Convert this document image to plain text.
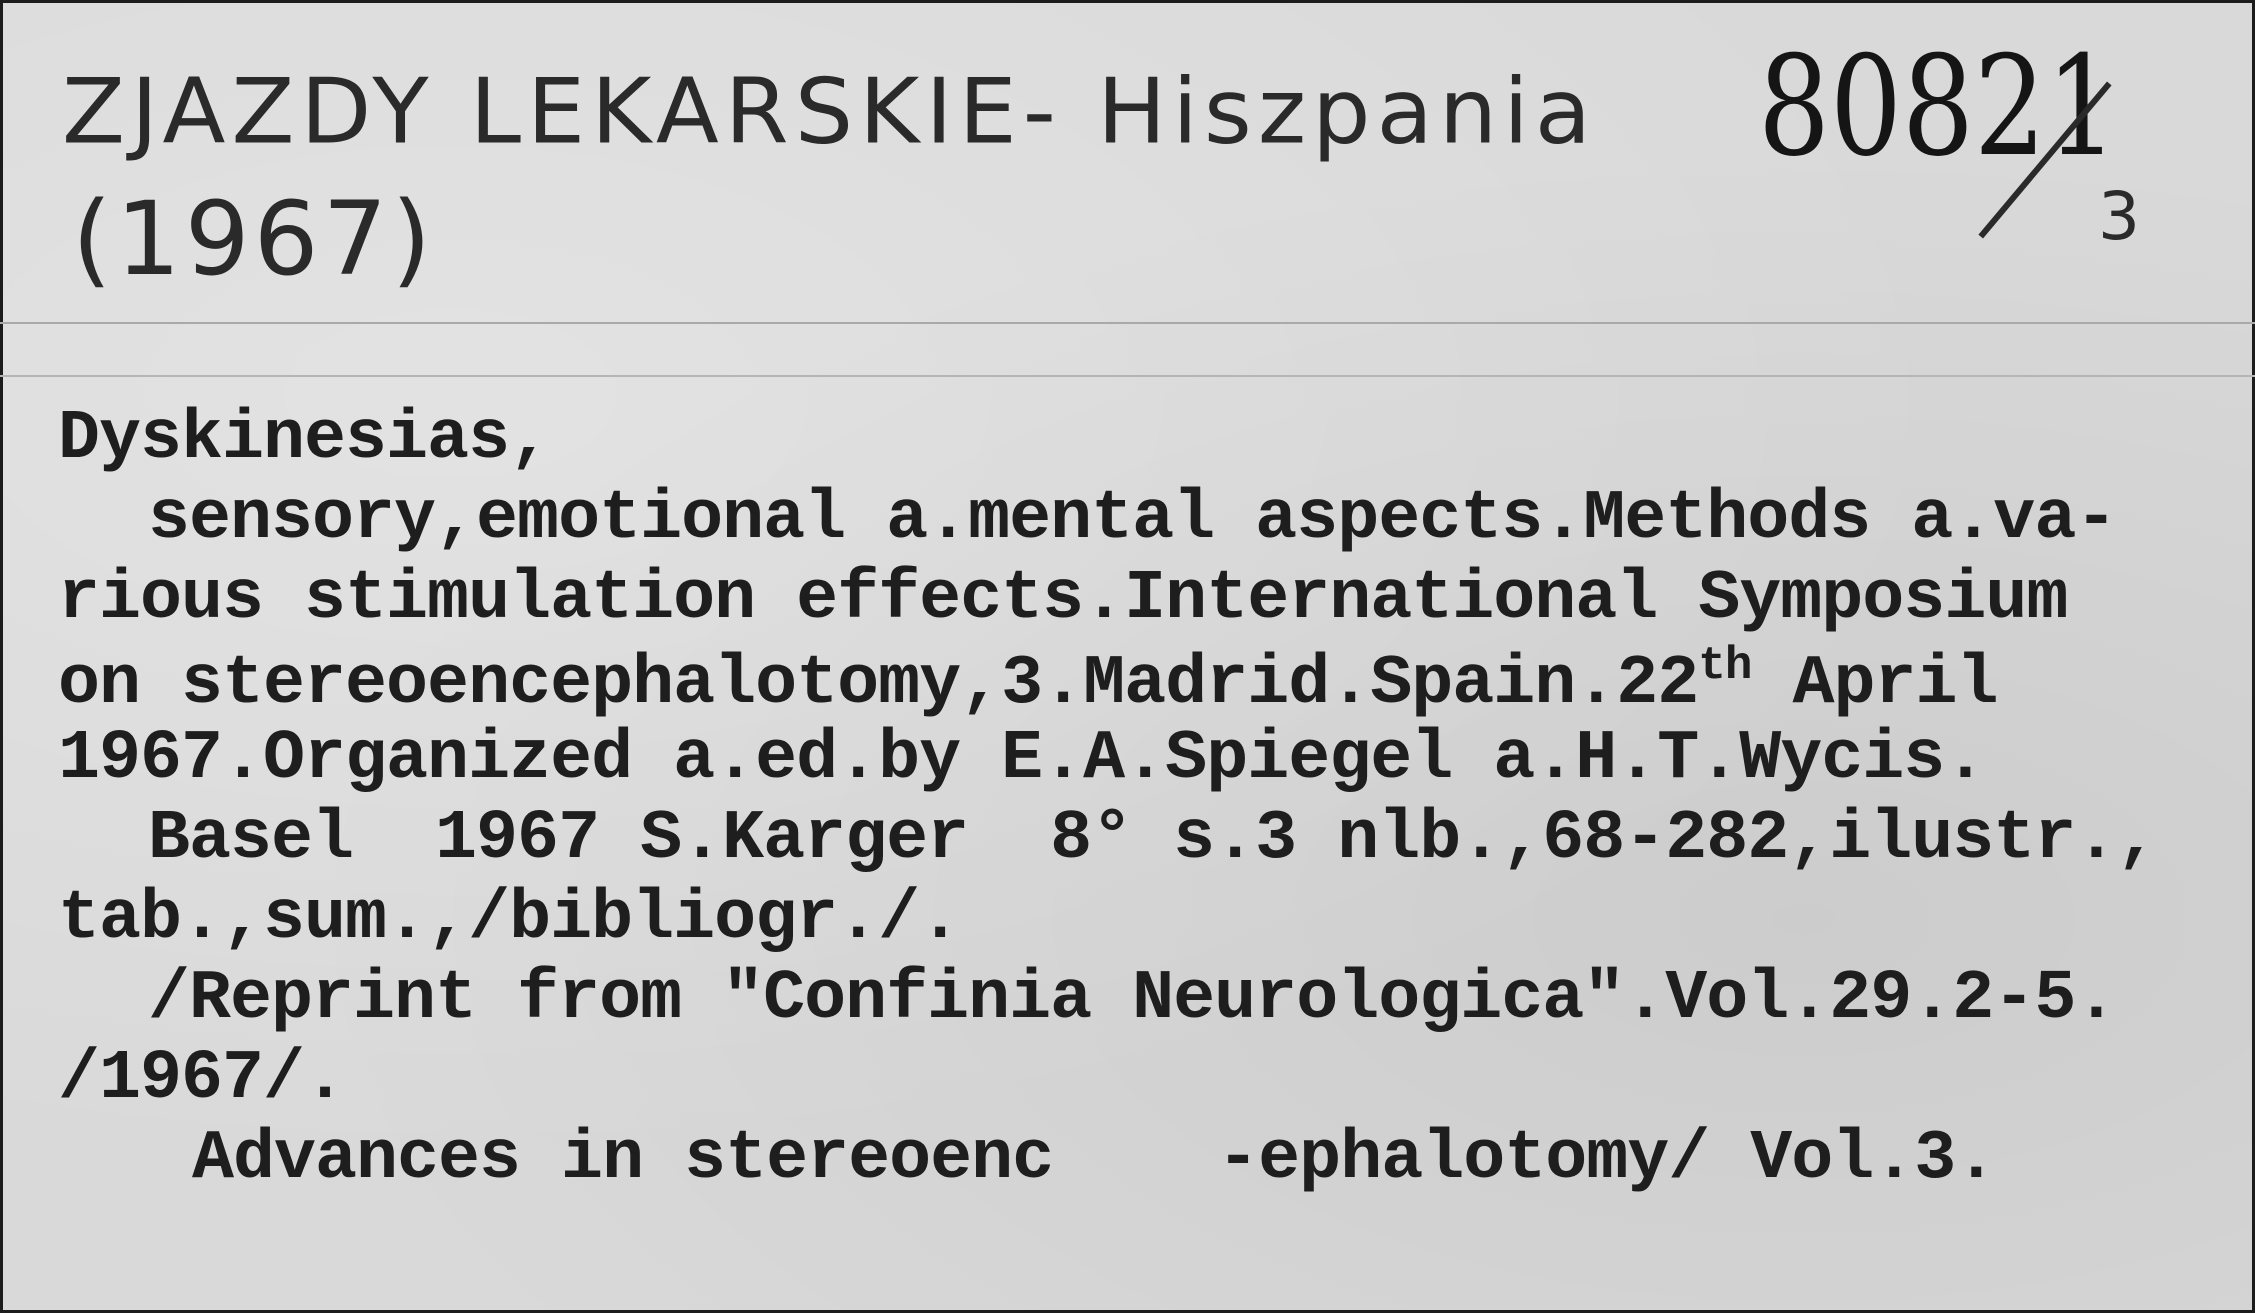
ZJAZDY LEKARSKIE- Hiszpania
(1967)
80821
3
Dyskinesias,
sensory,emotional a.mental aspects.Methods a.va-
rious stimulation effects.International Symposium
on stereoencephalotomy,3.Madrid.Spain.22th April
1967.Organized a.ed.by E.A.Spiegel a.H.T.Wycis.
Basel  1967 S.Karger  8° s.3 nlb.,68-282,ilustr.,
tab.,sum.,/bibliogr./.
/Reprint from "Confinia Neurologica".Vol.29.2-5.
/1967/.
Advances in stereoenc    -ephalotomy/ Vol.3.
